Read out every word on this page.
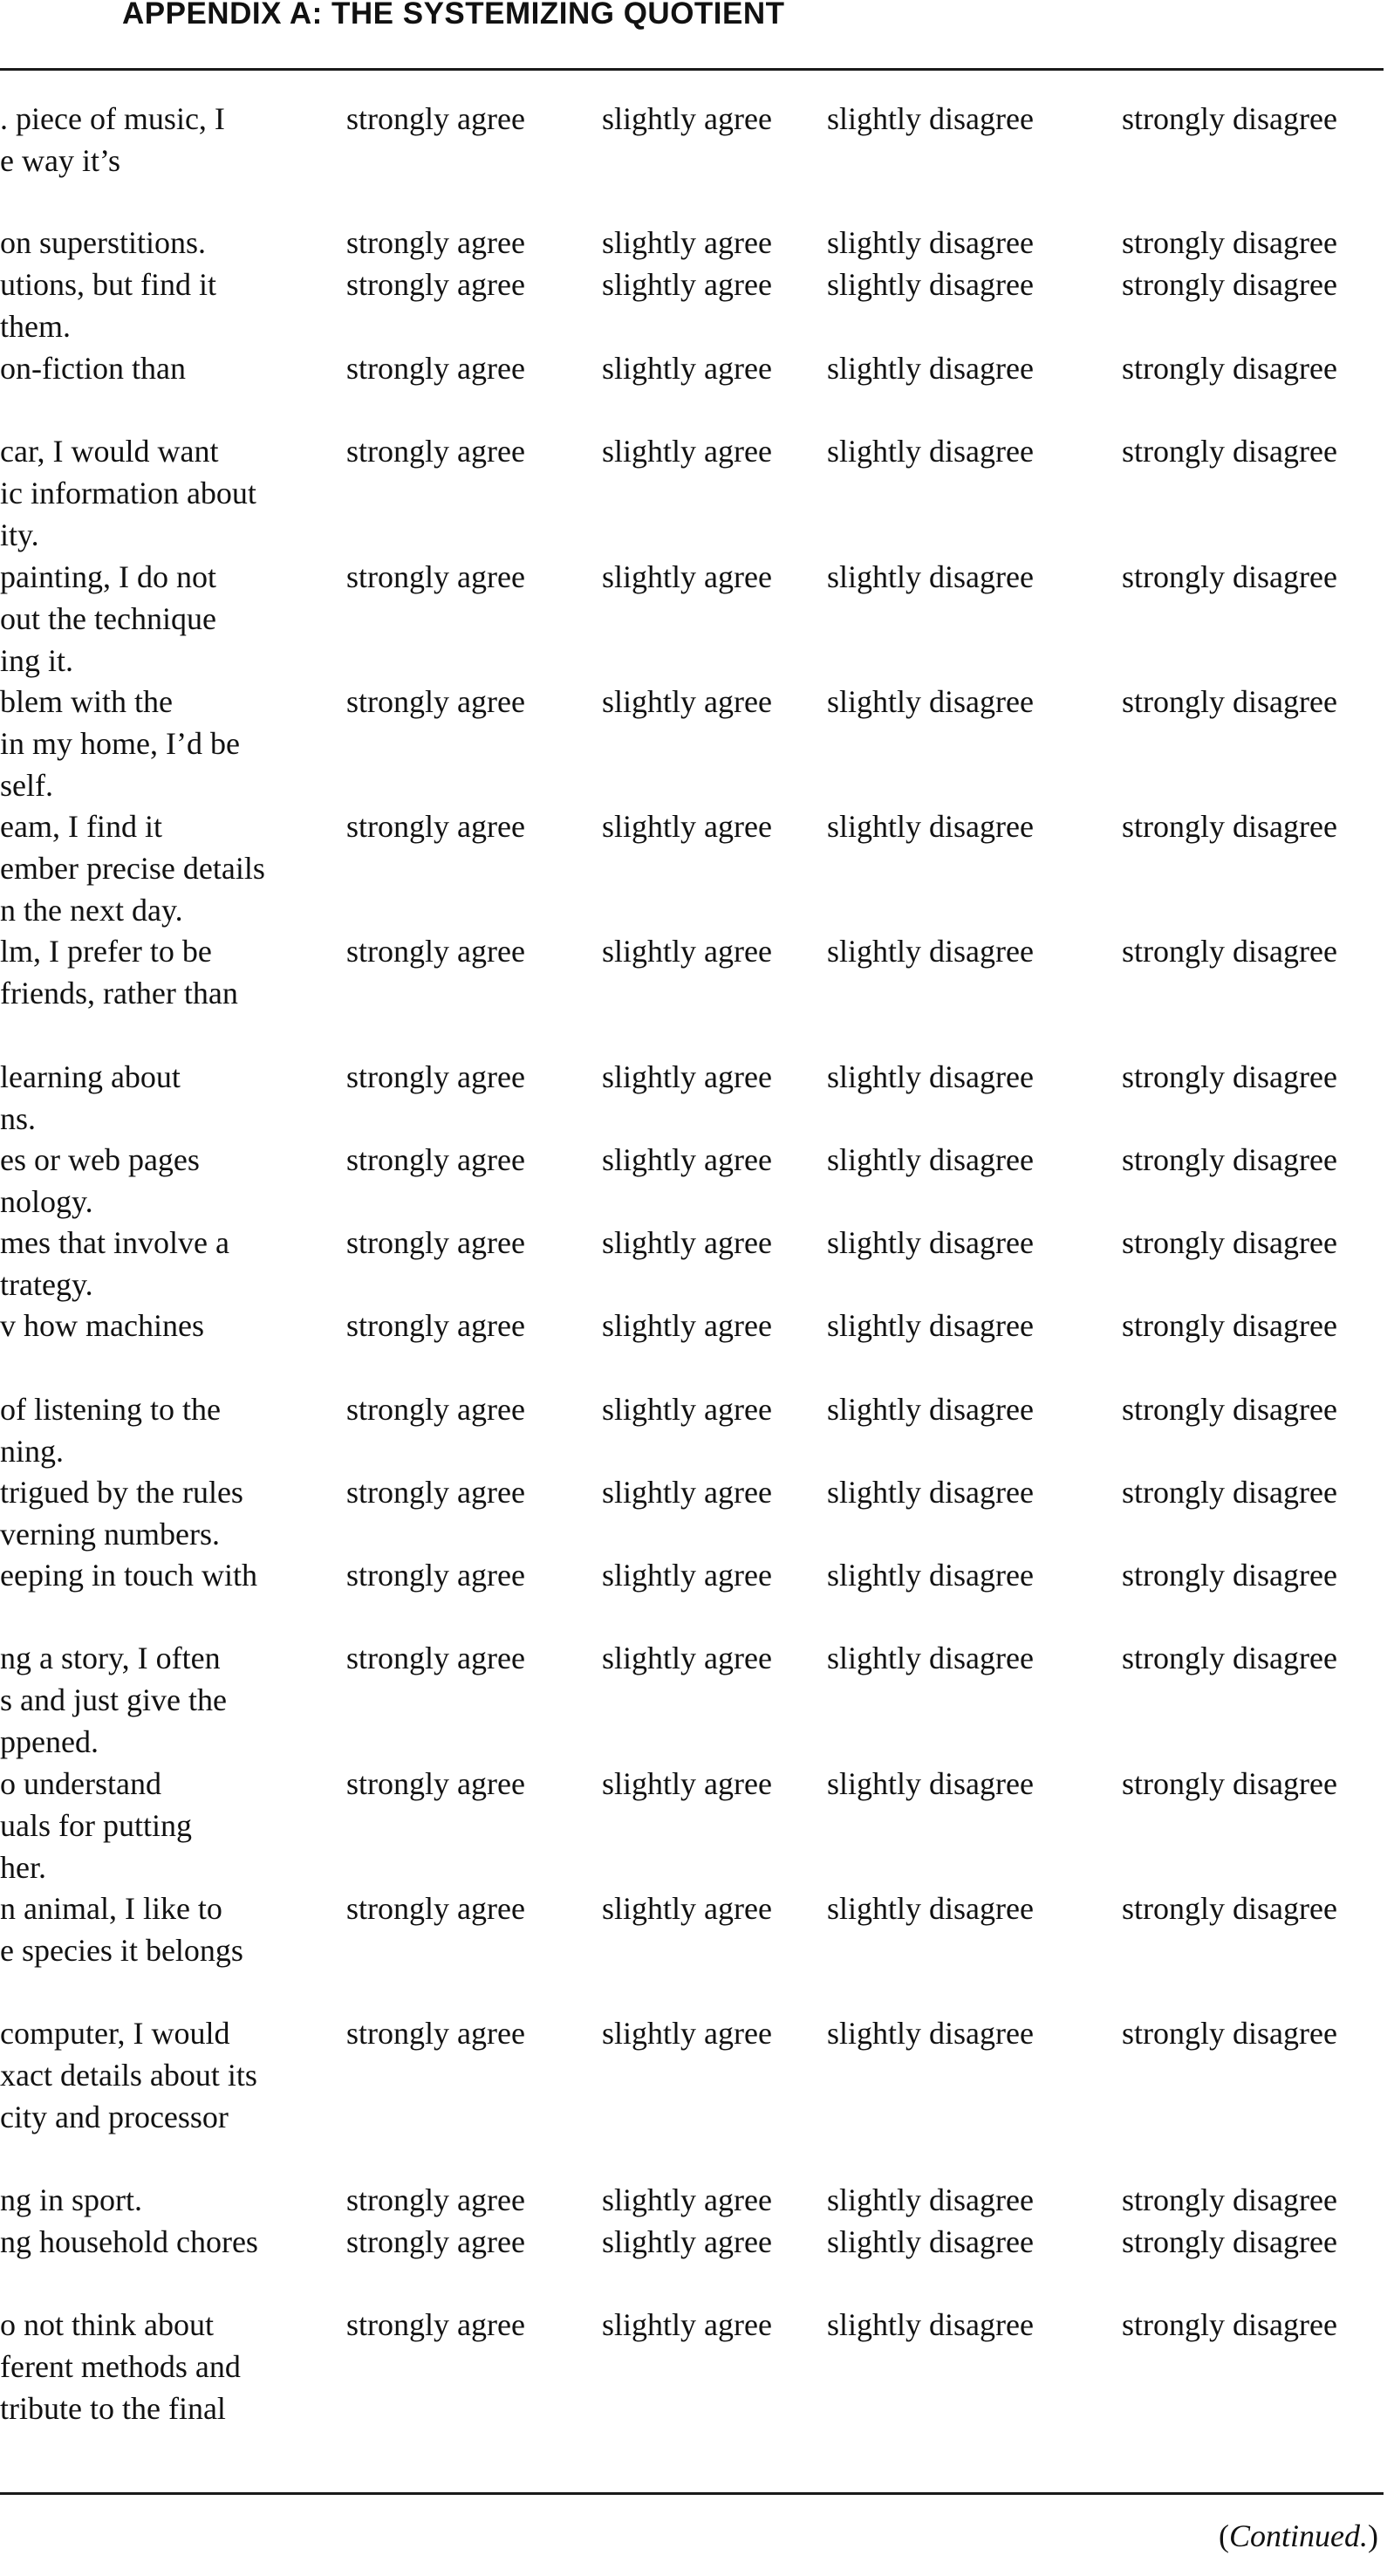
APPENDIX A: THE SYSTEMIZING QUOTIENT
. piece of music, I
e way it’s
strongly agree slightly agree slightly disagree	strongly disagree
on superstitions.	strongly agree slightly agree slightly disagree	strongly disagree
utions, but find it
them.
strongly agree slightly agree slightly disagree	strongly disagree
on-fiction than	strongly agree slightly agree slightly disagree	strongly disagree
car, I would want
ic information about
ity.
strongly agree slightly agree slightly disagree	strongly disagree
painting, I do not
out the technique
ing it.
strongly agree slightly agree slightly disagree	strongly disagree
blem with the
in my home, I’d be
self.
strongly agree slightly agree slightly disagree	strongly disagree
eam, I find it
ember precise details
n the next day.
strongly agree slightly agree slightly disagree	strongly disagree
lm, I prefer to be
friends, rather than
strongly agree slightly agree slightly disagree	strongly disagree
learning about
ns.
strongly agree slightly agree slightly disagree	strongly disagree
es or web pages
nology.
strongly agree slightly agree slightly disagree	strongly disagree
mes that involve a
trategy.
strongly agree slightly agree slightly disagree	strongly disagree
v how machines	strongly agree slightly agree slightly disagree	strongly disagree
of listening to the
ning.
strongly agree slightly agree slightly disagree	strongly disagree
trigued by the rules
verning numbers.
strongly agree slightly agree slightly disagree	strongly disagree
eeping in touch with	strongly agree slightly agree slightly disagree	strongly disagree
ng a story, I often
s and just give the
ppened.
strongly agree slightly agree slightly disagree	strongly disagree
o understand
uals for putting
her.
strongly agree slightly agree slightly disagree	strongly disagree
n animal, I like to
e species it belongs
strongly agree slightly agree slightly disagree	strongly disagree
computer, I would
xact details about its
city and processor
strongly agree slightly agree slightly disagree	strongly disagree
ng in sport.	strongly agree slightly agree slightly disagree	strongly disagree
ng household chores	strongly agree slightly agree slightly disagree	strongly disagree
o not think about
ferent methods and
tribute to the final
strongly agree slightly agree slightly disagree	strongly disagree
(Continued.)
